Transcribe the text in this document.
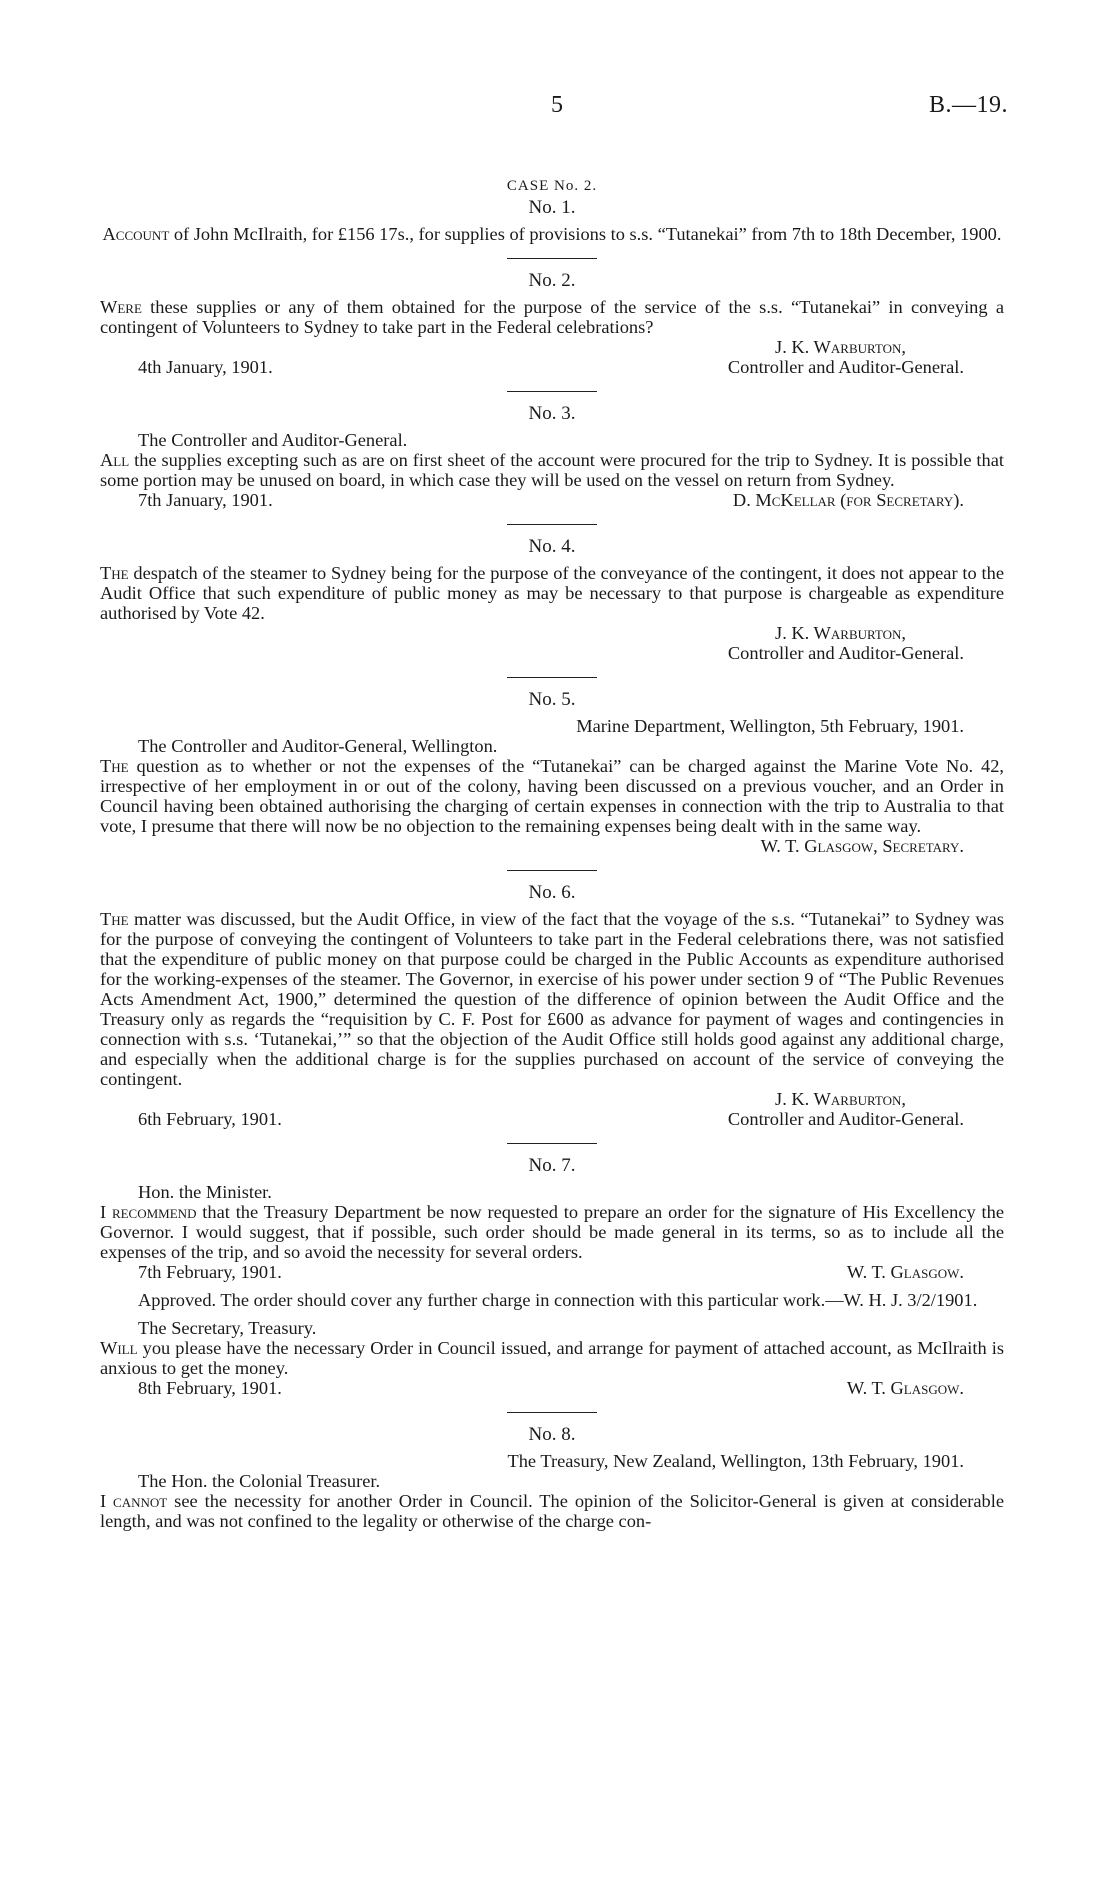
5	B.—19.
CASE No. 2.
No. 1.
Account of John McIlraith, for £156 17s., for supplies of provisions to s.s. “Tutanekai” from 7th to 18th December, 1900.
No. 2.
Were these supplies or any of them obtained for the purpose of the service of the s.s. “Tutanekai” in conveying a contingent of Volunteers to Sydney to take part in the Federal celebrations?
J. K. Warburton,
4th January, 1901.	Controller and Auditor-General.
No. 3.
The Controller and Auditor-General.
All the supplies excepting such as are on first sheet of the account were procured for the trip to Sydney. It is possible that some portion may be unused on board, in which case they will be used on the vessel on return from Sydney.
7th January, 1901.	D. McKellar (for Secretary).
No. 4.
The despatch of the steamer to Sydney being for the purpose of the conveyance of the contingent, it does not appear to the Audit Office that such expenditure of public money as may be necessary to that purpose is chargeable as expenditure authorised by Vote 42.
J. K. Warburton,
Controller and Auditor-General.
No. 5.
Marine Department, Wellington, 5th February, 1901.
The Controller and Auditor-General, Wellington.
The question as to whether or not the expenses of the “Tutanekai” can be charged against the Marine Vote No. 42, irrespective of her employment in or out of the colony, having been discussed on a previous voucher, and an Order in Council having been obtained authorising the charging of certain expenses in connection with the trip to Australia to that vote, I presume that there will now be no objection to the remaining expenses being dealt with in the same way.
W. T. Glasgow, Secretary.
No. 6.
The matter was discussed, but the Audit Office, in view of the fact that the voyage of the s.s. “Tutanekai” to Sydney was for the purpose of conveying the contingent of Volunteers to take part in the Federal celebrations there, was not satisfied that the expenditure of public money on that purpose could be charged in the Public Accounts as expenditure authorised for the working-expenses of the steamer. The Governor, in exercise of his power under section 9 of “The Public Revenues Acts Amendment Act, 1900,” determined the question of the difference of opinion between the Audit Office and the Treasury only as regards the “requisition by C. F. Post for £600 as advance for payment of wages and contingencies in connection with s.s. ‘Tutanekai,’” so that the objection of the Audit Office still holds good against any additional charge, and especially when the additional charge is for the supplies purchased on account of the service of conveying the contingent.
J. K. Warburton,
6th February, 1901.	Controller and Auditor-General.
No. 7.
Hon. the Minister.
I recommend that the Treasury Department be now requested to prepare an order for the signature of His Excellency the Governor. I would suggest, that if possible, such order should be made general in its terms, so as to include all the expenses of the trip, and so avoid the necessity for several orders.
7th February, 1901.	W. T. Glasgow.
Approved. The order should cover any further charge in connection with this particular work.—W. H. J. 3/2/1901.
The Secretary, Treasury.
Will you please have the necessary Order in Council issued, and arrange for payment of attached account, as McIlraith is anxious to get the money.
8th February, 1901.	W. T. Glasgow.
No. 8.
The Treasury, New Zealand, Wellington, 13th February, 1901.
The Hon. the Colonial Treasurer.
I cannot see the necessity for another Order in Council. The opinion of the Solicitor-General is given at considerable length, and was not confined to the legality or otherwise of the charge con-
